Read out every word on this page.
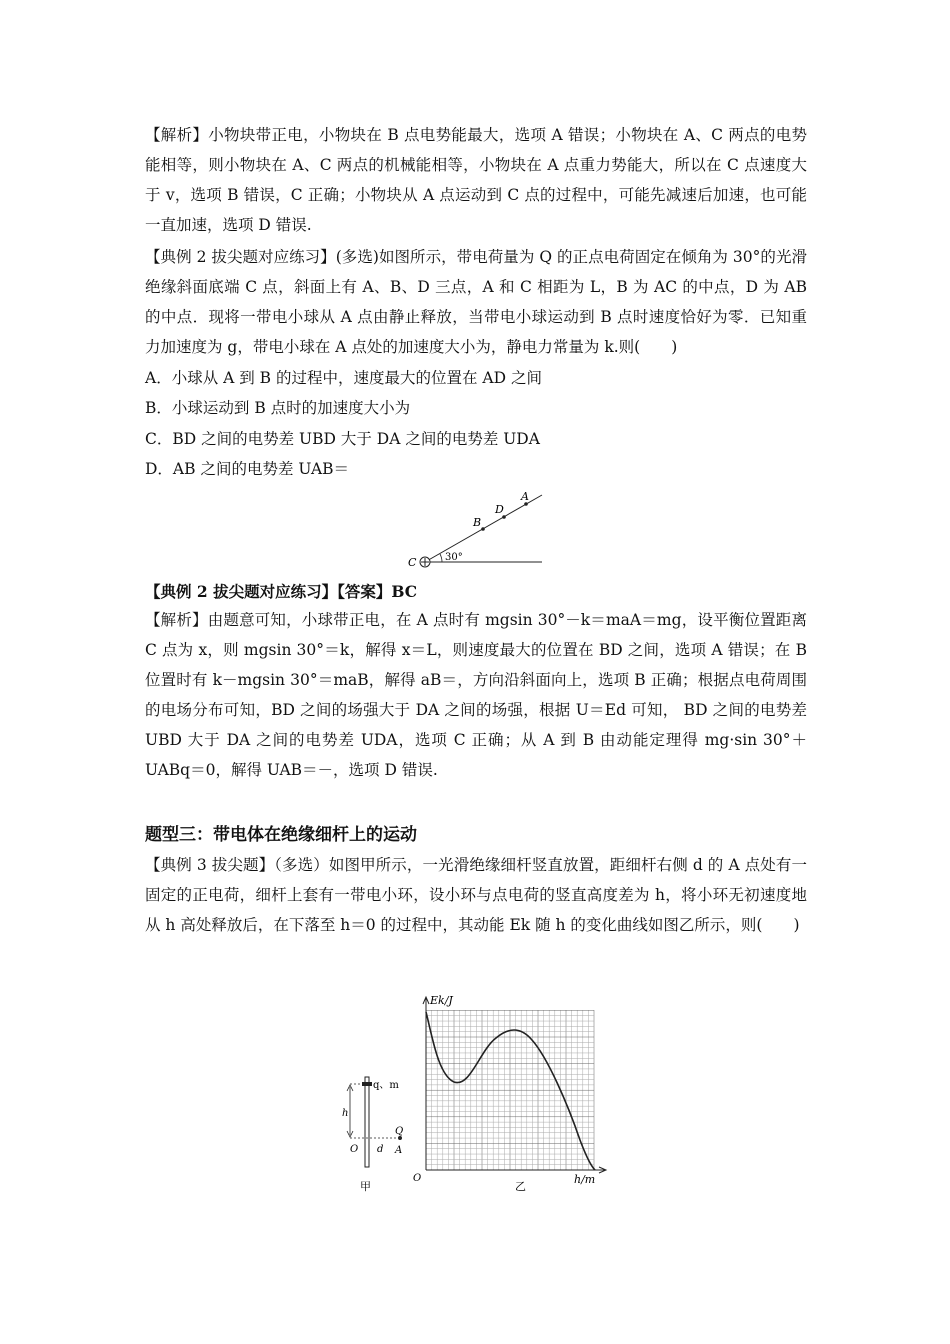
【解析】小物块带正电，小物块在 B 点电势能最大，选项 A 错误；小物块在 A、C 两点的电势能相等，则小物块在 A、C 两点的机械能相等，小物块在 A 点重力势能大，所以在 C 点速度大于 v，选项 B 错误，C 正确；小物块从 A 点运动到 C 点的过程中，可能先减速后加速，也可能一直加速，选项 D 错误.

【典例 2 拔尖题对应练习】(多选)如图所示，带电荷量为 Q 的正点电荷固定在倾角为 30°的光滑绝缘斜面底端 C 点，斜面上有 A、B、D 三点，A 和 C 相距为 L，B 为 AC 的中点，D 为 AB 的中点．现将一带电小球从 A 点由静止释放，当带电小球运动到 B 点时速度恰好为零．已知重力加速度为 g，带电小球在 A 点处的加速度大小为，静电力常量为 k.则(　　)

A．小球从 A 到 B 的过程中，速度最大的位置在 AD 之间

B．小球运动到 B 点时的加速度大小为

C．BD 之间的电势差 UBD 大于 DA 之间的电势差 UDA

D．AB 之间的电势差 UAB＝

C
B
D
A
30°

【典例 2 拔尖题对应练习】【答案】BC

【解析】由题意可知，小球带正电，在 A 点时有 mgsin 30°－k＝maA＝mg，设平衡位置距离 C 点为 x，则 mgsin 30°＝k，解得 x＝L，则速度最大的位置在 BD 之间，选项 A 错误；在 B 位置时有 k－mgsin 30°＝maB，解得 aB＝，方向沿斜面向上，选项 B 正确；根据点电荷周围的电场分布可知，BD 之间的场强大于 DA 之间的场强，根据 U＝Ed 可知， BD 之间的电势差 UBD 大于 DA 之间的电势差 UDA，选项 C 正确；从 A 到 B 由动能定理得 mg·sin 30°＋UABq＝0，解得 UAB＝－，选项 D 错误.

题型三：带电体在绝缘细杆上的运动

【典例 3 拔尖题】（多选）如图甲所示，一光滑绝缘细杆竖直放置，距细杆右侧 d 的 A 点处有一固定的正电荷，细杆上套有一带电小环，设小环与点电荷的竖直高度差为 h，将小环无初速度地从 h 高处释放后，在下落至 h＝0 的过程中，其动能 Ek 随 h 的变化曲线如图乙所示，则(　　)

q、m
h
O d
Q
A
甲
Ek/J
h/m
O
乙
